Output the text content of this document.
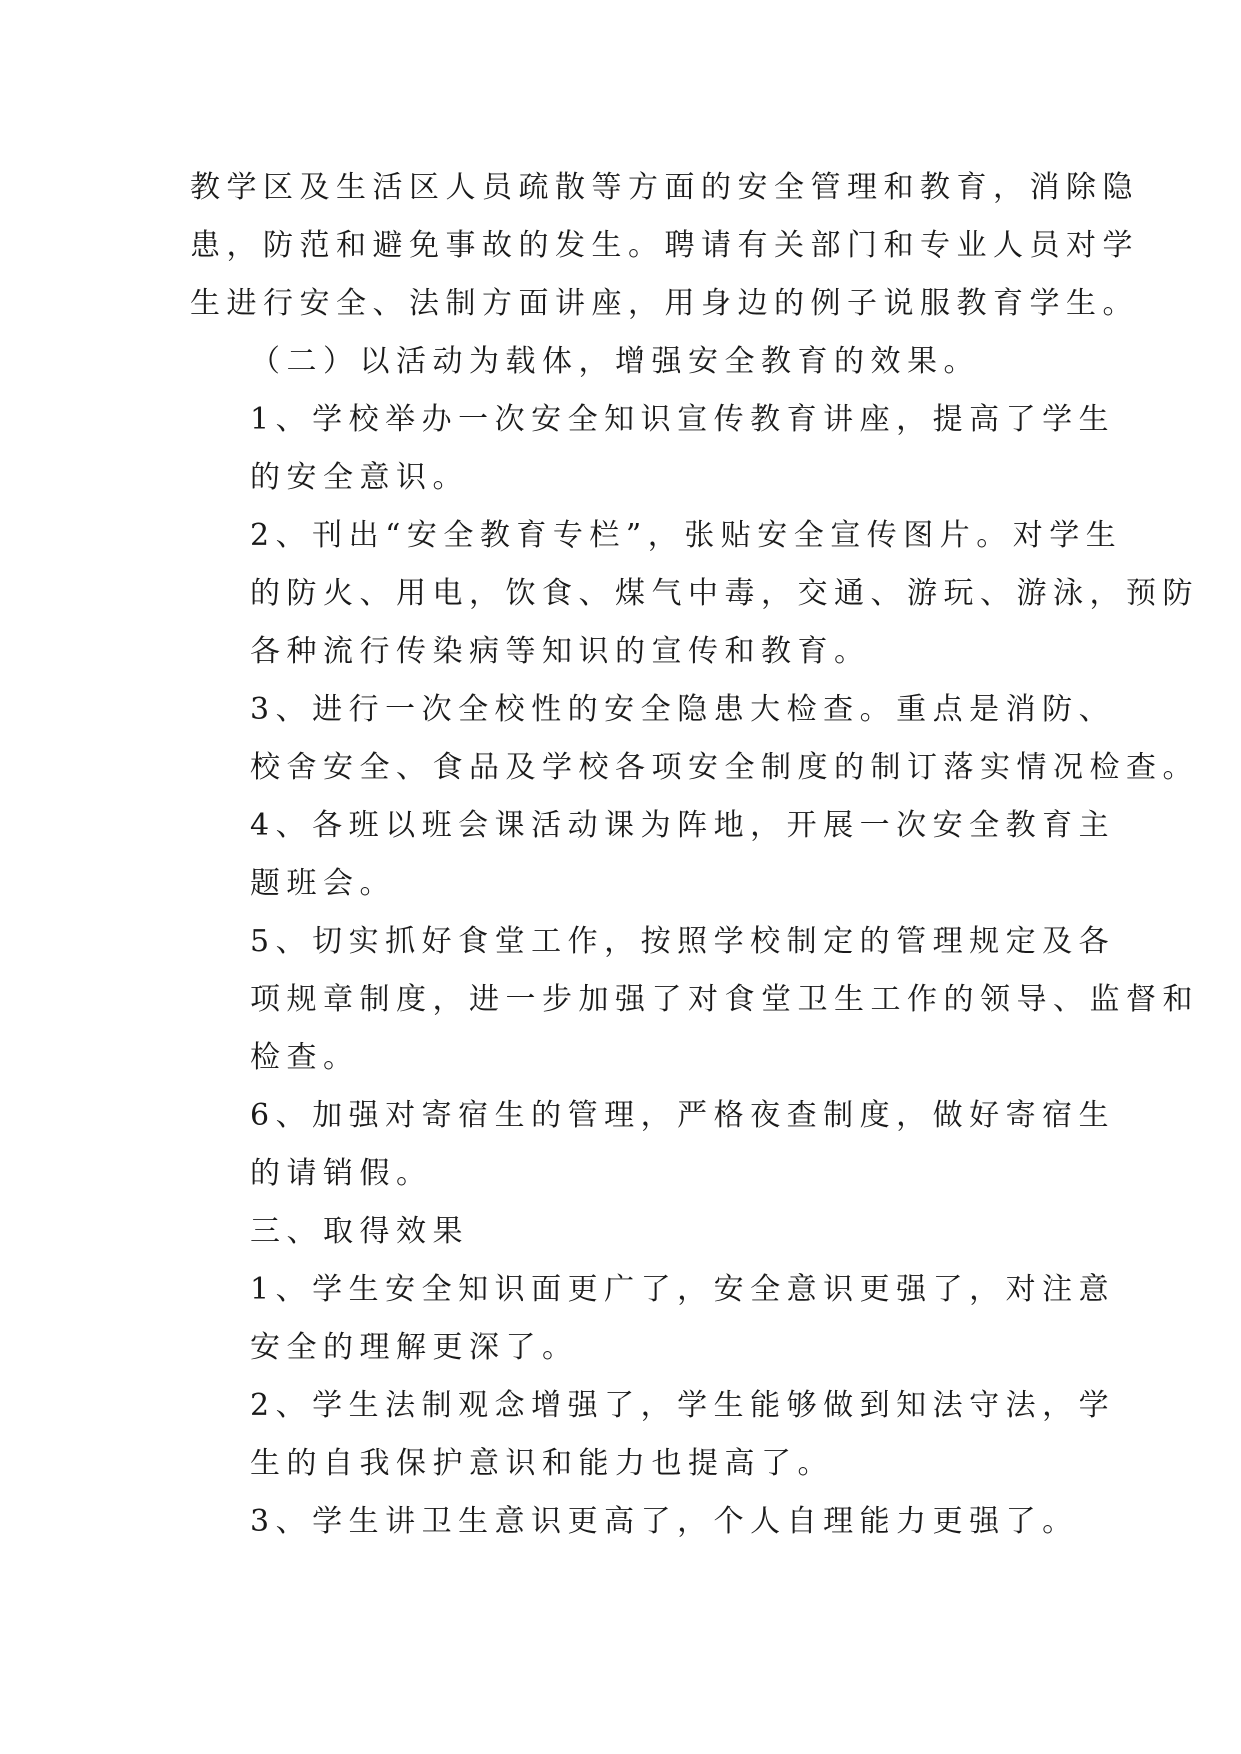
教学区及生活区人员疏散等方面的安全管理和教育，消除隐
患，防范和避免事故的发生。聘请有关部门和专业人员对学
生进行安全、法制方面讲座，用身边的例子说服教育学生。
（二）以活动为载体，增强安全教育的效果。
1、学校举办一次安全知识宣传教育讲座，提高了学生
的安全意识。
2、刊出“安全教育专栏”，张贴安全宣传图片。对学生
的防火、用电，饮食、煤气中毒，交通、游玩、游泳，预防
各种流行传染病等知识的宣传和教育。
3、进行一次全校性的安全隐患大检查。重点是消防、
校舍安全、食品及学校各项安全制度的制订落实情况检查。
4、各班以班会课活动课为阵地，开展一次安全教育主
题班会。
5、切实抓好食堂工作，按照学校制定的管理规定及各
项规章制度，进一步加强了对食堂卫生工作的领导、监督和
检查。
6、加强对寄宿生的管理，严格夜查制度，做好寄宿生
的请销假。
三、取得效果
1、学生安全知识面更广了，安全意识更强了，对注意
安全的理解更深了。
2、学生法制观念增强了，学生能够做到知法守法，学
生的自我保护意识和能力也提高了。
3、学生讲卫生意识更高了，个人自理能力更强了。
